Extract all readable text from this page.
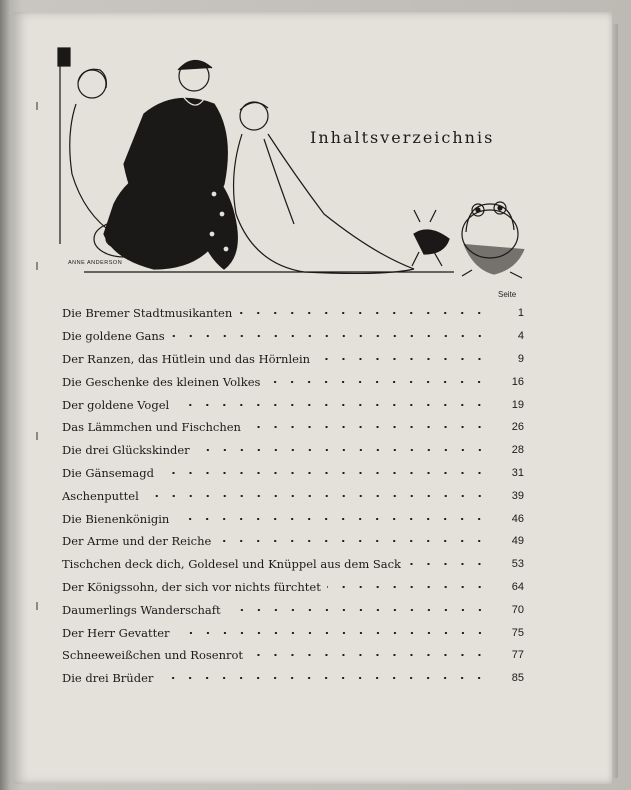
ANNE ANDERSON
Inhaltsverzeichnis
Seite
Die Bremer Stadtmusikanten	1
Die goldene Gans	4
Der Ranzen, das Hütlein und das Hörnlein	9
Die Geschenke des kleinen Volkes	16
Der goldene Vogel	19
Das Lämmchen und Fischchen	26
Die drei Glückskinder	28
Die Gänsemagd	31
Aschenputtel	39
Die Bienenkönigin	46
Der Arme und der Reiche	49
Tischchen deck dich, Goldesel und Knüppel aus dem Sack	53
Der Königssohn, der sich vor nichts fürchtet	64
Daumerlings Wanderschaft	70
Der Herr Gevatter	75
Schneeweißchen und Rosenrot	77
Die drei Brüder	85
